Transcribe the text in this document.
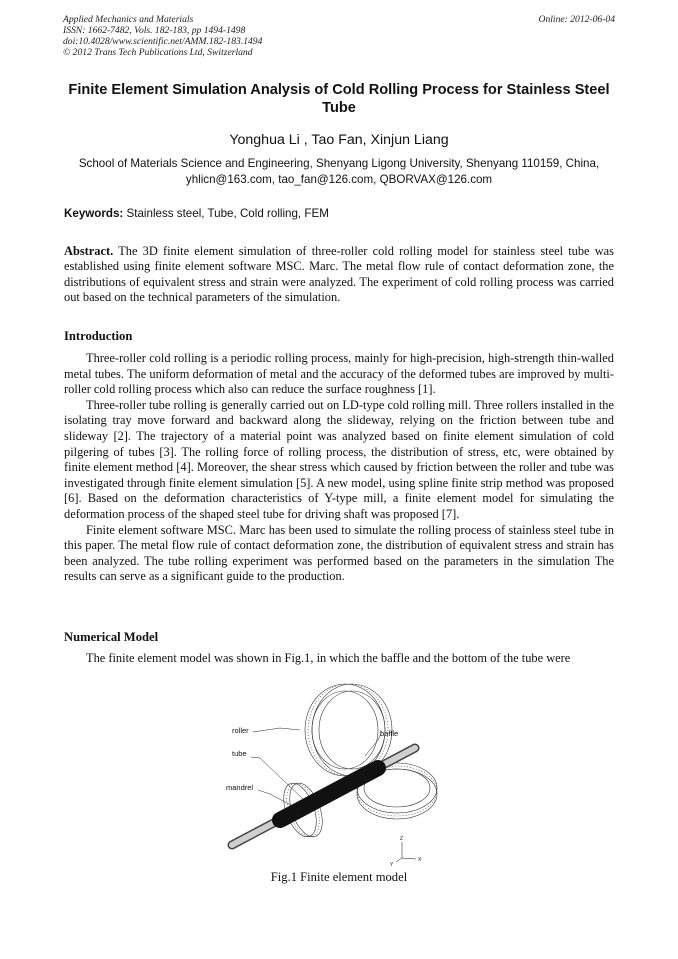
Applied Mechanics and Materials
ISSN: 1662-7482, Vols. 182-183, pp 1494-1498
doi:10.4028/www.scientific.net/AMM.182-183.1494
© 2012 Trans Tech Publications Ltd, Switzerland
Online: 2012-06-04
Finite Element Simulation Analysis of Cold Rolling Process for Stainless Steel Tube
Yonghua Li , Tao Fan, Xinjun Liang
School of Materials Science and Engineering, Shenyang Ligong University, Shenyang 110159, China, yhlicn@163.com, tao_fan@126.com, QBORVAX@126.com
Keywords: Stainless steel, Tube, Cold rolling, FEM
Abstract. The 3D finite element simulation of three-roller cold rolling model for stainless steel tube was established using finite element software MSC. Marc. The metal flow rule of contact deformation zone, the distributions of equivalent stress and strain were analyzed. The experiment of cold rolling process was carried out based on the technical parameters of the simulation.
Introduction

Three-roller cold rolling is a periodic rolling process, mainly for high-precision, high-strength thin-walled metal tubes. The uniform deformation of metal and the accuracy of the deformed tubes are improved by multi-roller cold rolling process which also can reduce the surface roughness [1].

Three-roller tube rolling is generally carried out on LD-type cold rolling mill. Three rollers installed in the isolating tray move forward and backward along the slideway, relying on the friction between tube and slideway [2]. The trajectory of a material point was analyzed based on finite element simulation of cold pilgering of tubes [3]. The rolling force of rolling process, the distribution of stress, etc, were obtained by finite element method [4]. Moreover, the shear stress which caused by friction between the roller and tube was investigated through finite element simulation [5]. A new model, using spline finite strip method was proposed [6]. Based on the deformation characteristics of Y-type mill, a finite element model for simulating the deformation process of the shaped steel tube for driving shaft was proposed [7].

Finite element software MSC. Marc has been used to simulate the rolling process of stainless steel tube in this paper. The metal flow rule of contact deformation zone, the distribution of equivalent stress and strain has been analyzed. The tube rolling experiment was performed based on the parameters in the simulation The results can serve as a significant guide to the production.

Numerical Model

The finite element model was shown in Fig.1, in which the baffle and the bottom of the tube were

roller
tube
mandrel
baffle
Z
X
Y
Fig.1 Finite element model
